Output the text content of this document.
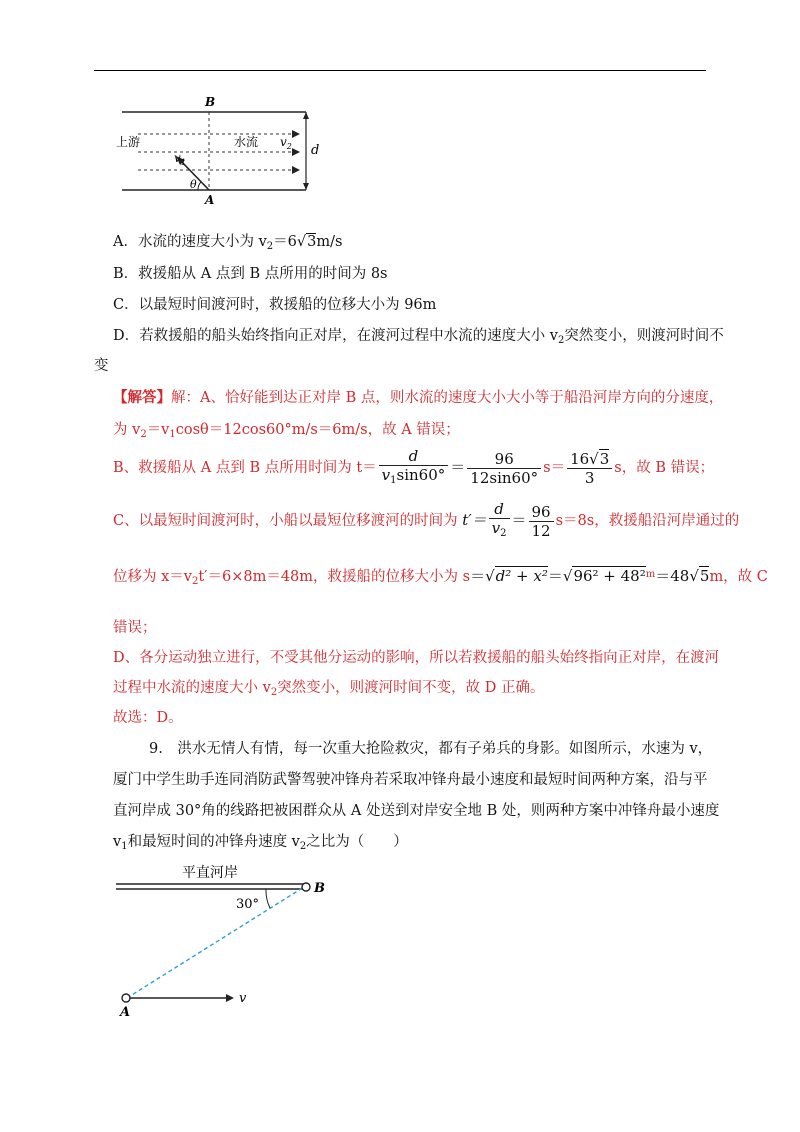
B
A
上游	水流 $v_2$ d
$v_1$
θ
A．水流的速度大小为 $v_2=6√3m/s$
B．救援船从 A 点到 B 点所用的时间为 8s
C．以最短时间渡河时，救援船的位移大小为 96m
D．若救援船的船头始终指向正对岸，在渡河过程中水流的速度大小 $v_2$突然变小，则渡河时间不
变
【解答】解：A、恰好能到达正对岸 B 点，则水流的速度大小大小等于船沿河岸方向的分速度，
为 $v_2=v_1\cos\theta=12\cos 60^\circ m/s=6m/s$，故 A 错误；
B、救援船从 A 点到 B 点所用时间为 $t= \frac{d}{v_1\sin 60^\circ} = \frac{96}{12\sin 60^\circ} s= \frac{16√3}{3}$ s，故 B 错误；
C、以最短时间渡河时，小船以最短位移渡河的时间为 $t'= \frac{d}{v_2} = \frac{96}{12} s=8s$，救援船沿河岸通过的
位移为 $x=v_2t'=6\times 8m=48m$，救援船的位移大小为 s＝√d² + x²＝√96² + 48²$^m$＝48√5m，故 C
错误；
D、各分运动独立进行，不受其他分运动的影响，所以若救援船的船头始终指向正对岸，在渡河
过程中水流的速度大小 $v_2$突然变小，则渡河时间不变，故 D 正确。
故选：D。
9.　洪水无情人有情，每一次重大抢险救灾，都有子弟兵的身影。如图所示，水速为 v，
厦门中学生助手连同消防武警驾驶冲锋舟若采取冲锋舟最小速度和最短时间两种方案，沿与平
直河岸成 30°角的线路把被困群众从 A 处送到对岸安全地 B 处，则两种方案中冲锋舟最小速度
$v_1$和最短时间的冲锋舟速度 $v_2$之比为（　　）
平直河岸
30°
B
A
v
